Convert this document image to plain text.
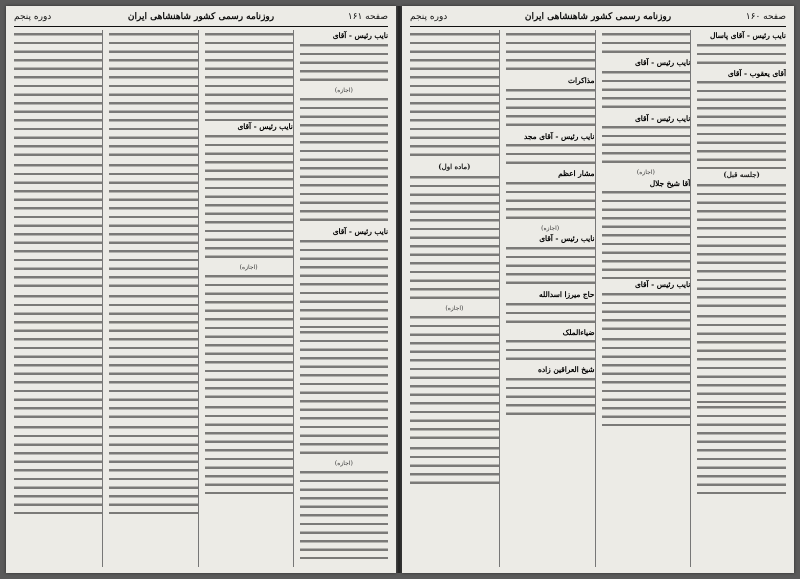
صفحه ۱۶۱
روزنامه رسمی کشور شاهنشاهی ایران
دوره پنجم
نایب رئیس - آقای
(اجازه)
نایب رئیس - آقای
(اجازه)
نایب رئیس - آقای
(اجازه)
صفحه ۱۶۰
روزنامه رسمی کشور شاهنشاهی ایران
دوره پنجم
نایب رئیس - آقای پاسال
آقای یعقوب - آقای
(جلسه قبل)
نایب رئیس - آقای
نایب رئیس - آقای
(اجازه)
آقا شیخ جلال
نایب رئیس - آقای
مذاکرات
نایب رئیس - آقای مجد
مشار اعظم
(اجازه)
نایب رئیس - آقای
حاج میرزا اسدالله
ضیاءالملک
شیخ العراقین زاده
(ماده اول)
(اجازه)
